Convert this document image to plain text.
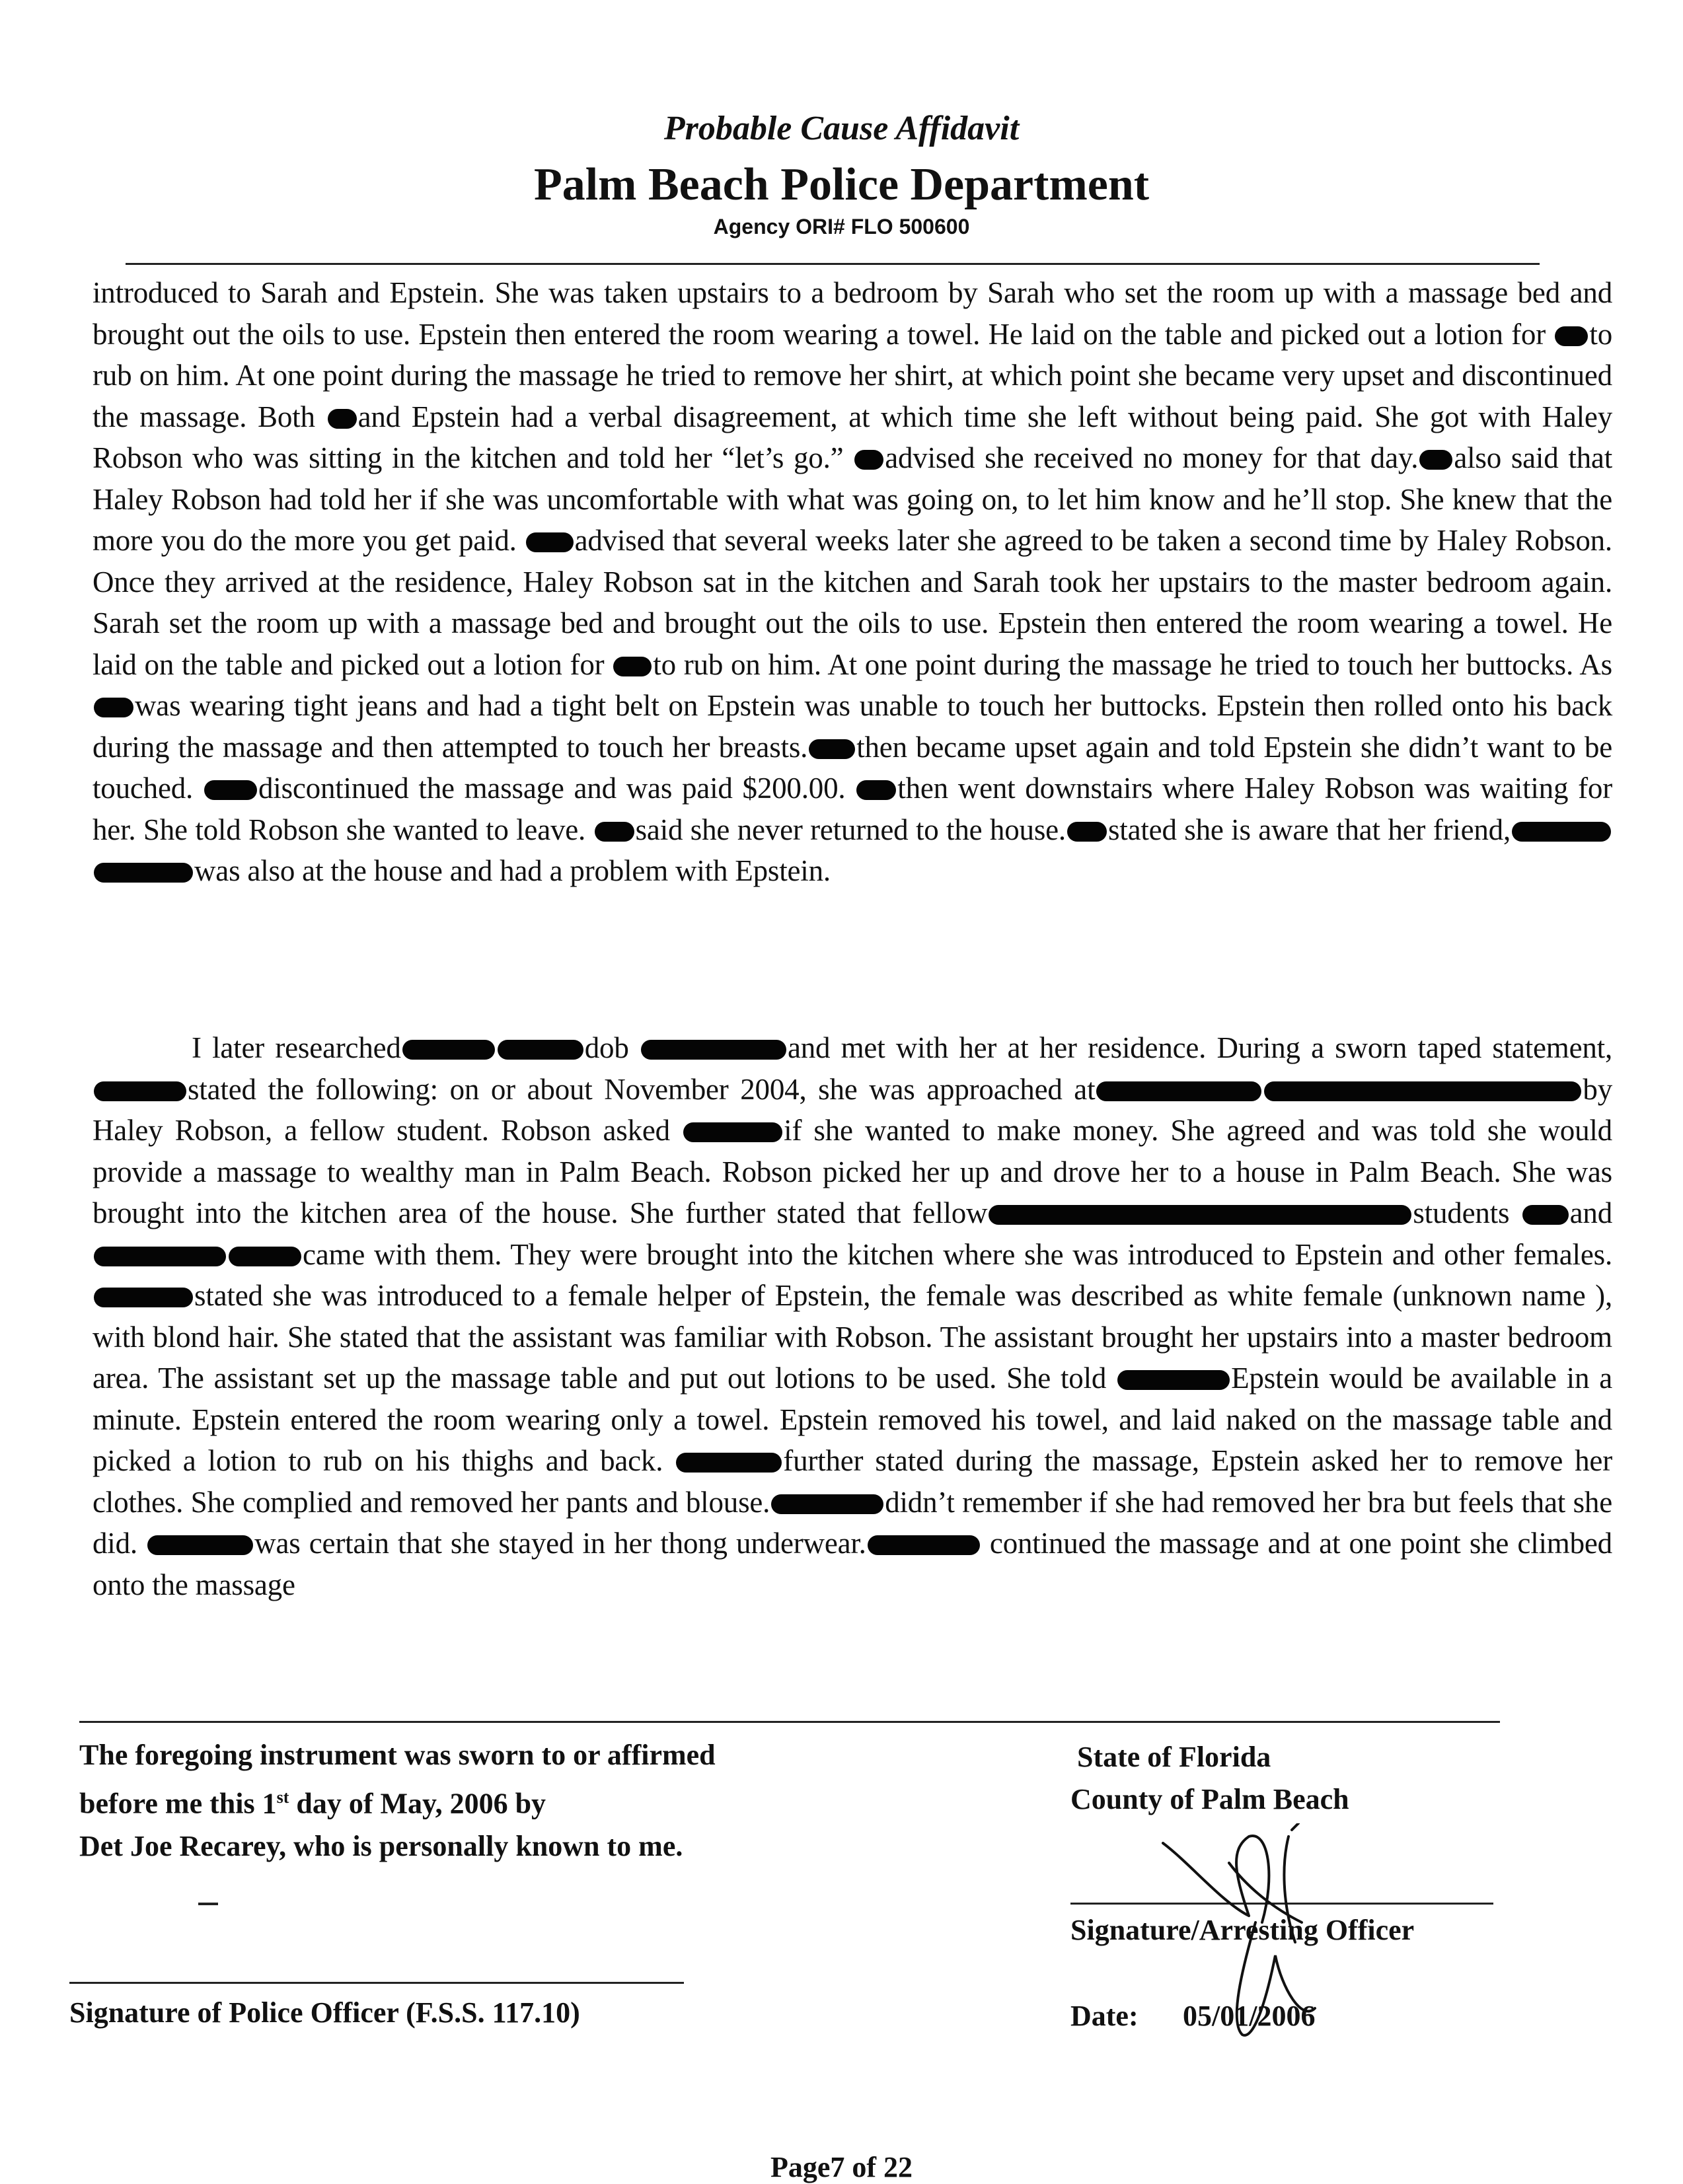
Probable Cause Affidavit
Palm Beach Police Department
Agency ORI# FLO 500600
introduced to Sarah and Epstein. She was taken upstairs to a bedroom by Sarah who set the room up with a massage bed and brought out the oils to use. Epstein then entered the room wearing a towel. He laid on the table and picked out a lotion for to rub on him. At one point during the massage he tried to remove her shirt, at which point she became very upset and discontinued the massage. Both and Epstein had a verbal disagreement, at which time she left without being paid. She got with Haley Robson who was sitting in the kitchen and told her “let’s go.” advised she received no money for that day. also said that Haley Robson had told her if she was uncomfortable with what was going on, to let him know and he’ll stop. She knew that the more you do the more you get paid. advised that several weeks later she agreed to be taken a second time by Haley Robson. Once they arrived at the residence, Haley Robson sat in the kitchen and Sarah took her upstairs to the master bedroom again. Sarah set the room up with a massage bed and brought out the oils to use. Epstein then entered the room wearing a towel. He laid on the table and picked out a lotion for to rub on him. At one point during the massage he tried to touch her buttocks. As was wearing tight jeans and had a tight belt on Epstein was unable to touch her buttocks. Epstein then rolled onto his back during the massage and then attempted to touch her breasts. then became upset again and told Epstein she didn’t want to be touched. discontinued the massage and was paid $200.00. then went downstairs where Haley Robson was waiting for her. She told Robson she wanted to leave. said she never returned to the house. stated she is aware that her friend,was also at the house and had a problem with Epstein.
I later researched	dob	and met with her at her residence. During a sworn taped statement,stated the following: on or about November 2004, she was approached at	by Haley Robson, a fellow student. Robson asked	if she wanted to make money. She agreed and was told she would provide a massage to wealthy man in Palm Beach. Robson picked her up and drove her to a house in Palm Beach. She was brought into the kitchen area of the house. She further stated that fellow	students and came with them. They were brought into the kitchen where she was introduced to Epstein and other females.stated she was introduced to a female helper of Epstein, the female was described as white female (unknown name ), with blond hair. She stated that the assistant was familiar with Robson. The assistant brought her upstairs into a master bedroom area. The assistant set up the massage table and put out lotions to be used. She told	Epstein would be available in a minute. Epstein entered the room wearing only a towel. Epstein removed his towel, and laid naked on the massage table and picked a lotion to rub on his thighs and back.	further stated during the massage, Epstein asked her to remove her clothes. She complied and removed her pants and blouse.	didn’t remember if she had removed her bra but feels that she did.	was certain that she stayed in her thong underwear.	continued the massage and at one point she climbed onto the massage
The foregoing instrument was sworn to or affirmed
before me this 1st day of May, 2006 by
Det Joe Recarey, who is personally known to me.
State of Florida
County of Palm Beach
Signature/Arresting Officer
Date: 05/01/2006
Signature of Police Officer (F.S.S. 117.10)
Page7 of 22
